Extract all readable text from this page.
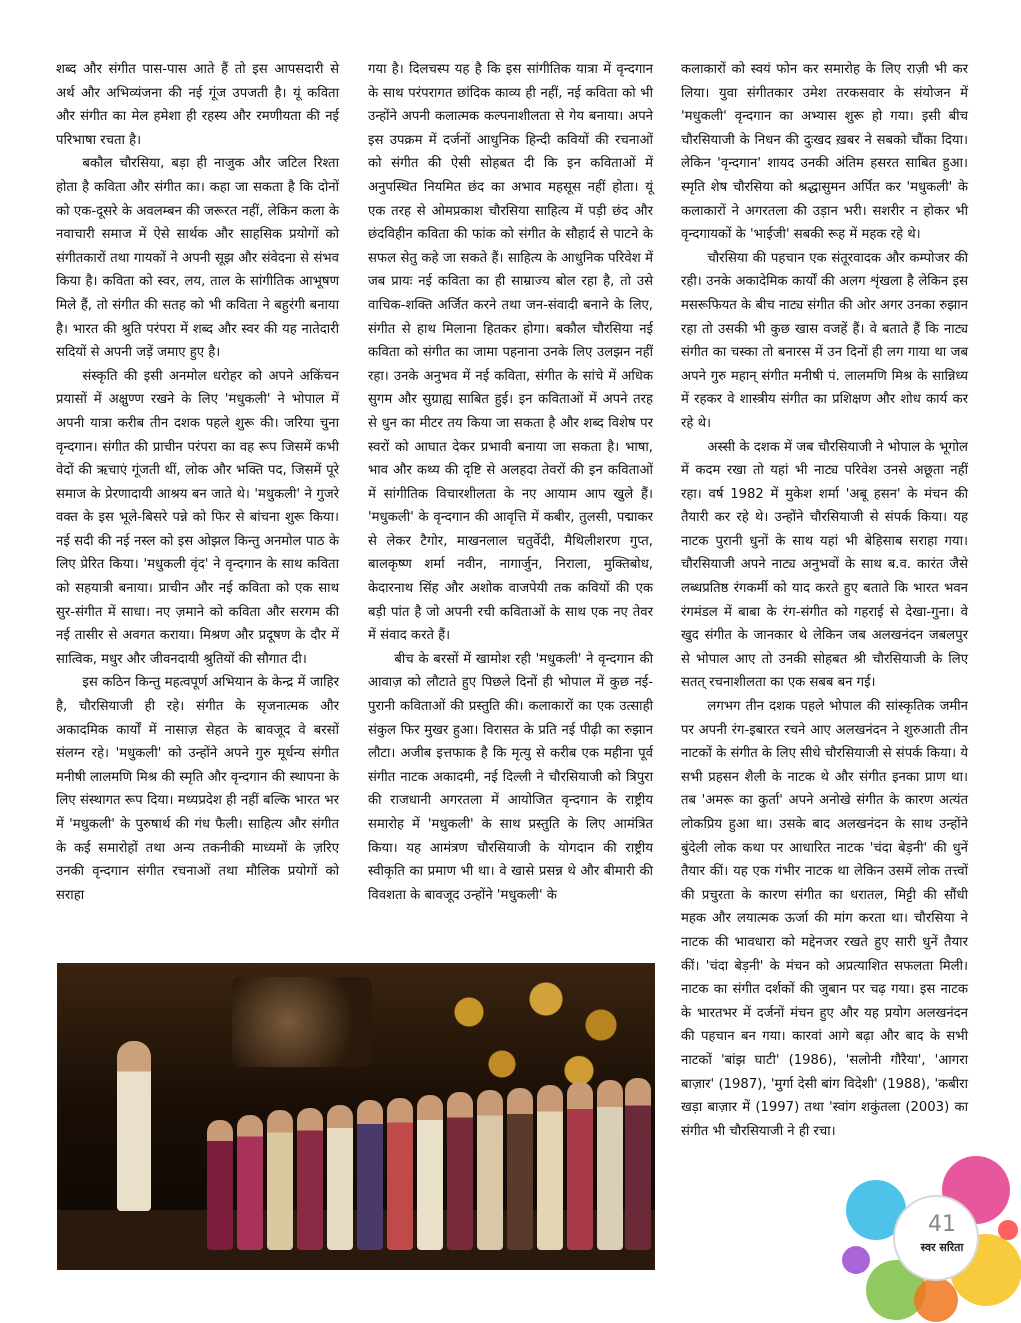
शब्द और संगीत पास-पास आते हैं तो इस आपसदारी से अर्थ और अभिव्यंजना की नई गूंज उपजती है। यूं कविता और संगीत का मेल हमेशा ही रहस्य और रमणीयता की नई परिभाषा रचता है।

बकौल चौरसिया, बड़ा ही नाजुक और जटिल रिश्ता होता है कविता और संगीत का। कहा जा सकता है कि दोनों को एक-दूसरे के अवलम्बन की जरूरत नहीं, लेकिन कला के नवाचारी समाज में ऐसे सार्थक और साहसिक प्रयोगों को संगीतकारों तथा गायकों ने अपनी सूझ और संवेदना से संभव किया है। कविता को स्वर, लय, ताल के सांगीतिक आभूषण मिले हैं, तो संगीत की सतह को भी कविता ने बहुरंगी बनाया है। भारत की श्रुति परंपरा में शब्द और स्वर की यह नातेदारी सदियों से अपनी जड़ें जमाए हुए है।

संस्कृति की इसी अनमोल धरोहर को अपने अकिंचन प्रयासों में अक्षुण्ण रखने के लिए 'मधुकली' ने भोपाल में अपनी यात्रा करीब तीन दशक पहले शुरू की। जरिया चुना वृन्दगान। संगीत की प्राचीन परंपरा का वह रूप जिसमें कभी वेदों की ऋचाएं गूंजती थीं, लोक और भक्ति पद, जिसमें पूरे समाज के प्रेरणादायी आश्रय बन जाते थे। 'मधुकली' ने गुजरे वक्त के इस भूले-बिसरे पन्ने को फिर से बांचना शुरू किया। नई सदी की नई नस्ल को इस ओझल किन्तु अनमोल पाठ के लिए प्रेरित किया। 'मधुकली वृंद' ने वृन्दगान के साथ कविता को सहयात्री बनाया। प्राचीन और नई कविता को एक साथ सुर-संगीत में साधा। नए ज़माने को कविता और सरगम की नई तासीर से अवगत कराया। मिश्रण और प्रदूषण के दौर में सात्विक, मधुर और जीवनदायी श्रुतियों की सौगात दी।

इस कठिन किन्तु महत्वपूर्ण अभियान के केन्द्र में जाहिर है, चौरसियाजी ही रहे। संगीत के सृजनात्मक और अकादमिक कार्यों में नासाज़ सेहत के बावजूद वे बरसों संलग्न रहे। 'मधुकली' को उन्होंने अपने गुरु मूर्धन्य संगीत मनीषी लालमणि मिश्र की स्मृति और वृन्दगान की स्थापना के लिए संस्थागत रूप दिया। मध्यप्रदेश ही नहीं बल्कि भारत भर में 'मधुकली' के पुरुषार्थ की गंध फैली। साहित्य और संगीत के कई समारोहों तथा अन्य तकनीकी माध्यमों के ज़रिए उनकी वृन्दगान संगीत रचनाओं तथा मौलिक प्रयोगों को सराहा

गया है। दिलचस्प यह है कि इस सांगीतिक यात्रा में वृन्दगान के साथ परंपरागत छांदिक काव्य ही नहीं, नई कविता को भी उन्होंने अपनी कलात्मक कल्पनाशीलता से गेय बनाया। अपने इस उपक्रम में दर्जनों आधुनिक हिन्दी कवियों की रचनाओं को संगीत की ऐसी सोहबत दी कि इन कविताओं में अनुपस्थित नियमित छंद का अभाव महसूस नहीं होता। यूं एक तरह से ओमप्रकाश चौरसिया साहित्य में पड़ी छंद और छंदविहीन कविता की फांक को संगीत के सौहार्द से पाटने के सफल सेतु कहे जा सकते हैं। साहित्य के आधुनिक परिवेश में जब प्रायः नई कविता का ही साम्राज्य बोल रहा है, तो उसे वाचिक-शक्ति अर्जित करने तथा जन-संवादी बनाने के लिए, संगीत से हाथ मिलाना हितकर होगा। बकौल चौरसिया नई कविता को संगीत का जामा पहनाना उनके लिए उलझन नहीं रहा। उनके अनुभव में नई कविता, संगीत के सांचे में अधिक सुगम और सुग्राह्य साबित हुई। इन कविताओं में अपने तरह से धुन का मीटर तय किया जा सकता है और शब्द विशेष पर स्वरों को आघात देकर प्रभावी बनाया जा सकता है। भाषा, भाव और कथ्य की दृष्टि से अलहदा तेवरों की इन कविताओं में सांगीतिक विचारशीलता के नए आयाम आप खुले हैं। 'मधुकली' के वृन्दगान की आवृत्ति में कबीर, तुलसी, पद्माकर से लेकर टैगोर, माखनलाल चतुर्वेदी, मैथिलीशरण गुप्त, बालकृष्ण शर्मा नवीन, नागार्जुन, निराला, मुक्तिबोध, केदारनाथ सिंह और अशोक वाजपेयी तक कवियों की एक बड़ी पांत है जो अपनी रची कविताओं के साथ एक नए तेवर में संवाद करते हैं।

बीच के बरसों में खामोश रही 'मधुकली' ने वृन्दगान की आवाज़ को लौटाते हुए पिछले दिनों ही भोपाल में कुछ नई-पुरानी कविताओं की प्रस्तुति की। कलाकारों का एक उत्साही संकुल फिर मुखर हुआ। विरासत के प्रति नई पीढ़ी का रुझान लौटा। अजीब इत्तफाक है कि मृत्यु से करीब एक महीना पूर्व संगीत नाटक अकादमी, नई दिल्ली ने चौरसियाजी को त्रिपुरा की राजधानी अगरतला में आयोजित वृन्दगान के राष्ट्रीय समारोह में 'मधुकली' के साथ प्रस्तुति के लिए आमंत्रित किया। यह आमंत्रण चौरसियाजी के योगदान की राष्ट्रीय स्वीकृति का प्रमाण भी था। वे खासे प्रसन्न थे और बीमारी की विवशता के बावजूद उन्होंने 'मधुकली' के

कलाकारों को स्वयं फोन कर समारोह के लिए राज़ी भी कर लिया। युवा संगीतकार उमेश तरकसवार के संयोजन में 'मधुकली' वृन्दगान का अभ्यास शुरू हो गया। इसी बीच चौरसियाजी के निधन की दुःखद ख़बर ने सबको चौंका दिया। लेकिन 'वृन्दगान' शायद उनकी अंतिम हसरत साबित हुआ। स्मृति शेष चौरसिया को श्रद्धासुमन अर्पित कर 'मधुकली' के कलाकारों ने अगरतला की उड़ान भरी। सशरीर न होकर भी वृन्दगायकों के 'भाईजी' सबकी रूह में महक रहे थे।

चौरसिया की पहचान एक संतूरवादक और कम्पोजर की रही। उनके अकादेमिक कार्यों की अलग शृंखला है लेकिन इस मसरूफियत के बीच नाट्य संगीत की ओर अगर उनका रुझान रहा तो उसकी भी कुछ खास वजहें हैं। वे बताते हैं कि नाट्य संगीत का चस्का तो बनारस में उन दिनों ही लग गाया था जब अपने गुरु महान् संगीत मनीषी पं. लालमणि मिश्र के सान्निध्य में रहकर वे शास्त्रीय संगीत का प्रशिक्षण और शोध कार्य कर रहे थे।

अस्सी के दशक में जब चौरसियाजी ने भोपाल के भूगोल में कदम रखा तो यहां भी नाट्य परिवेश उनसे अछूता नहीं रहा। वर्ष 1982 में मुकेश शर्मा 'अबू हसन' के मंचन की तैयारी कर रहे थे। उन्होंने चौरसियाजी से संपर्क किया। यह नाटक पुरानी धुनों के साथ यहां भी बेहिसाब सराहा गया। चौरसियाजी अपने नाट्य अनुभवों के साथ ब.व. कारंत जैसे लब्धप्रतिष्ठ रंगकर्मी को याद करते हुए बताते कि भारत भवन रंगमंडल में बाबा के रंग-संगीत को गहराई से देखा-गुना। वे खुद संगीत के जानकार थे लेकिन जब अलखनंदन जबलपुर से भोपाल आए तो उनकी सोहबत श्री चौरसियाजी के लिए सतत् रचनाशीलता का एक सबब बन गई।

लगभग तीन दशक पहले भोपाल की सांस्कृतिक जमीन पर अपनी रंग-इबारत रचने आए अलखनंदन ने शुरुआती तीन नाटकों के संगीत के लिए सीधे चौरसियाजी से संपर्क किया। ये सभी प्रहसन शैली के नाटक थे और संगीत इनका प्राण था। तब 'अमरू का कुर्ता' अपने अनोखे संगीत के कारण अत्यंत लोकप्रिय हुआ था। उसके बाद अलखनंदन के साथ उन्होंने बुंदेली लोक कथा पर आधारित नाटक 'चंदा बेड़नी' की धुनें तैयार कीं। यह एक गंभीर नाटक था लेकिन उसमें लोक तत्त्वों की प्रचुरता के कारण संगीत का धरातल, मिट्टी की सौंधी महक और लयात्मक ऊर्जा की मांग करता था। चौरसिया ने नाटक की भावधारा को मद्देनजर रखते हुए सारी धुनें तैयार कीं। 'चंदा बेड़नी' के मंचन को अप्रत्याशित सफलता मिली। नाटक का संगीत दर्शकों की जुबान पर चढ़ गया। इस नाटक के भारतभर में दर्जनों मंचन हुए और यह प्रयोग अलखनंदन की पहचान बन गया। कारवां आगे बढ़ा और बाद के सभी नाटकों 'बांझ घाटी' (1986), 'सलोनी गौरैया', 'आगरा बाज़ार' (1987), 'मुर्गा देसी बांग विदेशी' (1988), 'कबीरा खड़ा बाज़ार में (1997) तथा 'स्वांग शकुंतला (2003) का संगीत भी चौरसियाजी ने ही रचा।

41
स्वर सरिता
